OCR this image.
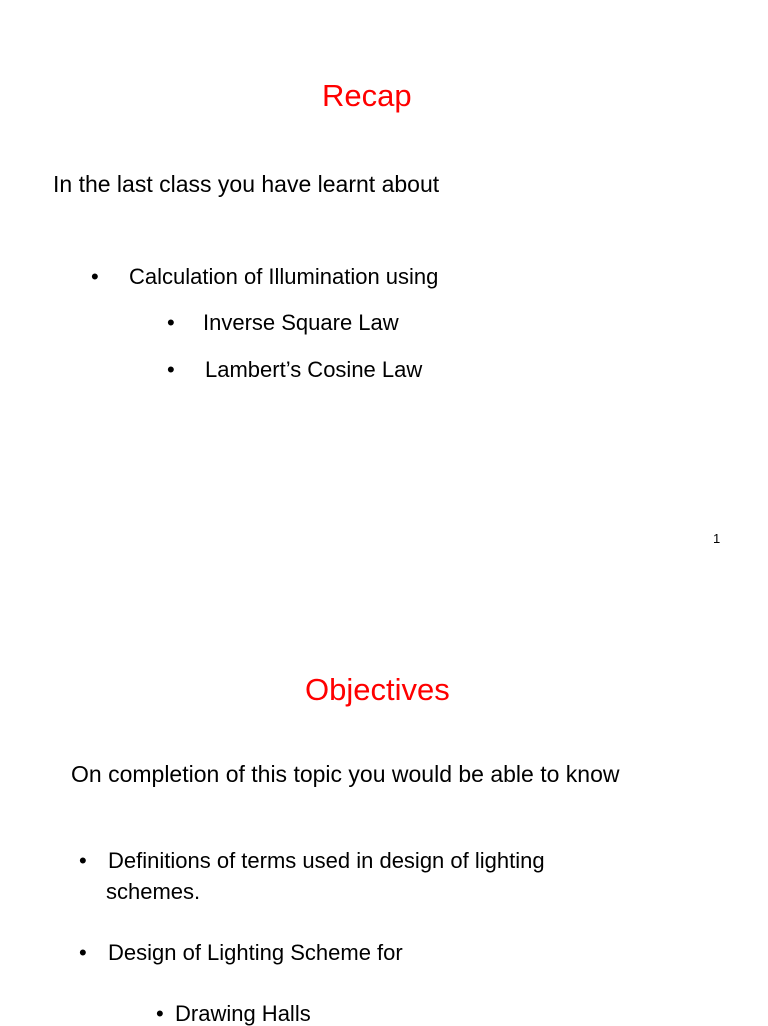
Recap
In the last class you have learnt about
• Calculation of Illumination using
• Inverse Square Law
• Lambert’s Cosine Law
1
Objectives
On completion of this topic you would be able to know
• Definitions of terms used in design of lighting
schemes.
• Design of Lighting Scheme for
• Drawing Halls
